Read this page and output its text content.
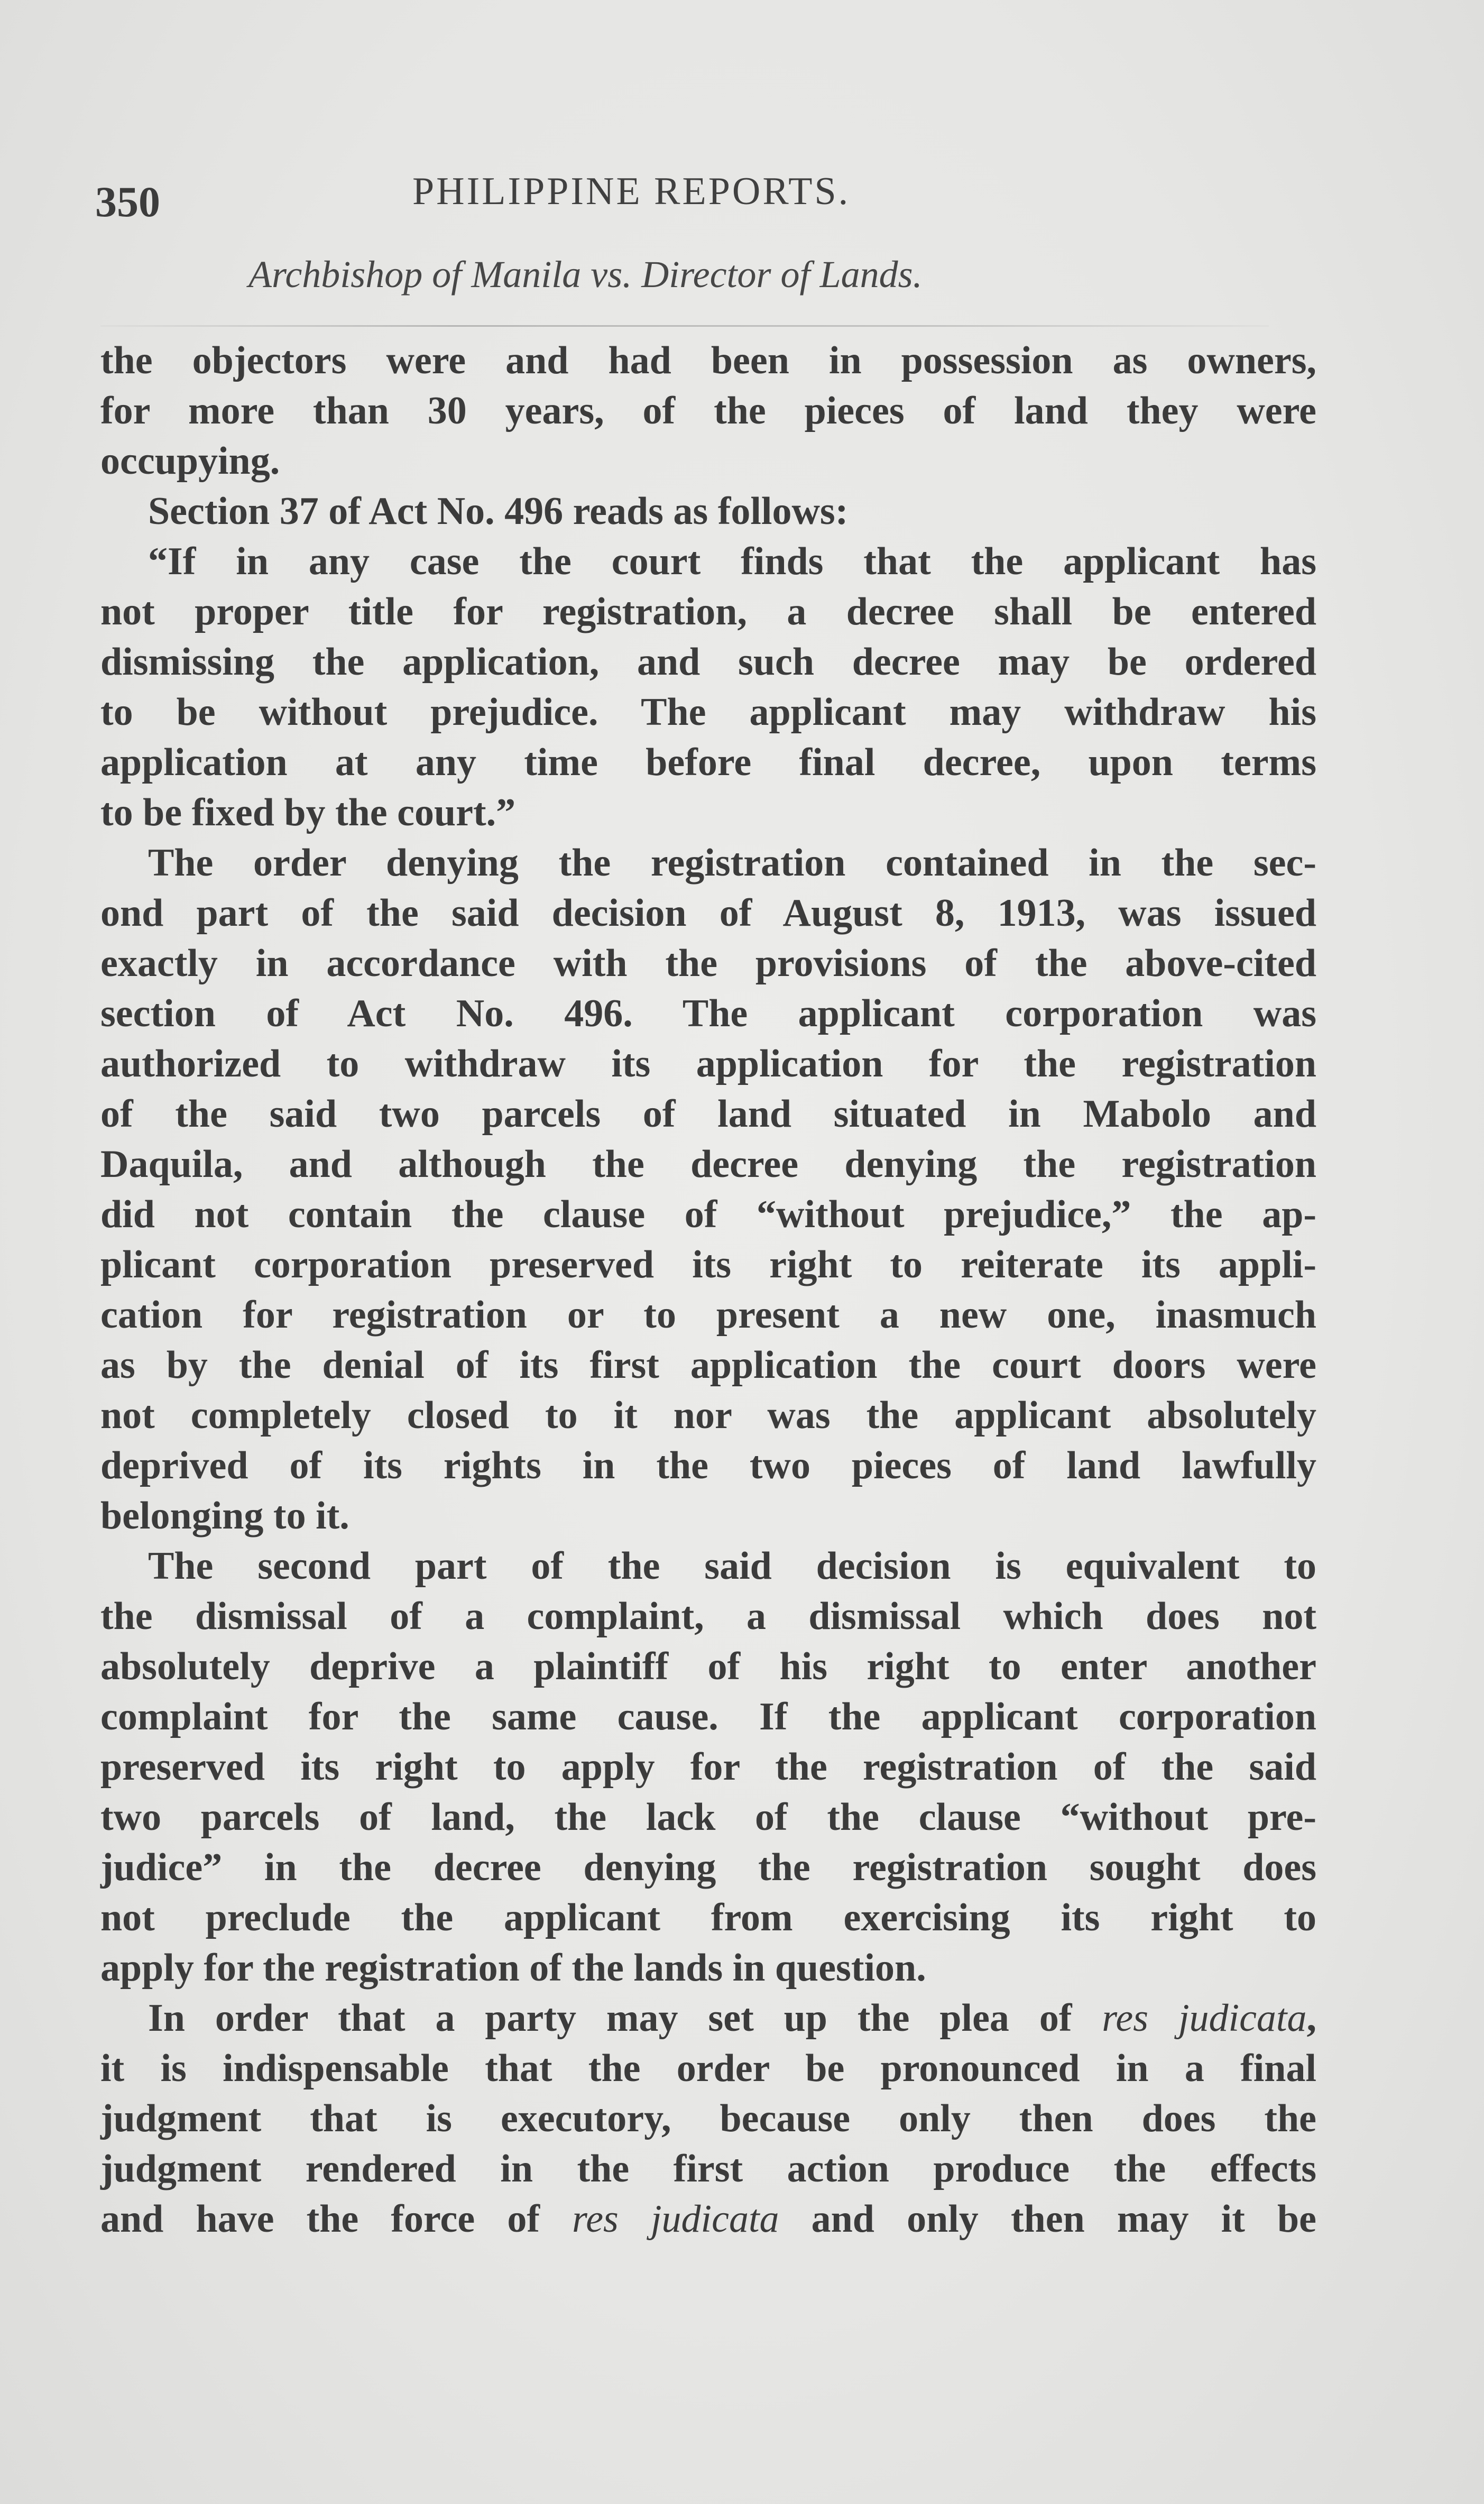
350	PHILIPPINE REPORTS.
Archbishop of Manila vs. Director of Lands.
the objectors were and had been in possession as owners,
for more than 30 years, of the pieces of land they were
occupying.
Section 37 of Act No. 496 reads as follows:
“If in any case the court finds that the applicant has
not proper title for registration, a decree shall be entered
dismissing the application, and such decree may be ordered
to be without prejudice. The applicant may withdraw his
application at any time before final decree, upon terms
to be fixed by the court.”
The order denying the registration contained in the sec-
ond part of the said decision of August 8, 1913, was issued
exactly in accordance with the provisions of the above-cited
section of Act No. 496. The applicant corporation was
authorized to withdraw its application for the registration
of the said two parcels of land situated in Mabolo and
Daquila, and although the decree denying the registration
did not contain the clause of “without prejudice,” the ap-
plicant corporation preserved its right to reiterate its appli-
cation for registration or to present a new one, inasmuch
as by the denial of its first application the court doors were
not completely closed to it nor was the applicant absolutely
deprived of its rights in the two pieces of land lawfully
belonging to it.
The second part of the said decision is equivalent to
the dismissal of a complaint, a dismissal which does not
absolutely deprive a plaintiff of his right to enter another
complaint for the same cause. If the applicant corporation
preserved its right to apply for the registration of the said
two parcels of land, the lack of the clause “without pre-
judice” in the decree denying the registration sought does
not preclude the applicant from exercising its right to
apply for the registration of the lands in question.
In order that a party may set up the plea of res judicata,
it is indispensable that the order be pronounced in a final
judgment that is executory, because only then does the
judgment rendered in the first action produce the effects
and have the force of res judicata and only then may it be
